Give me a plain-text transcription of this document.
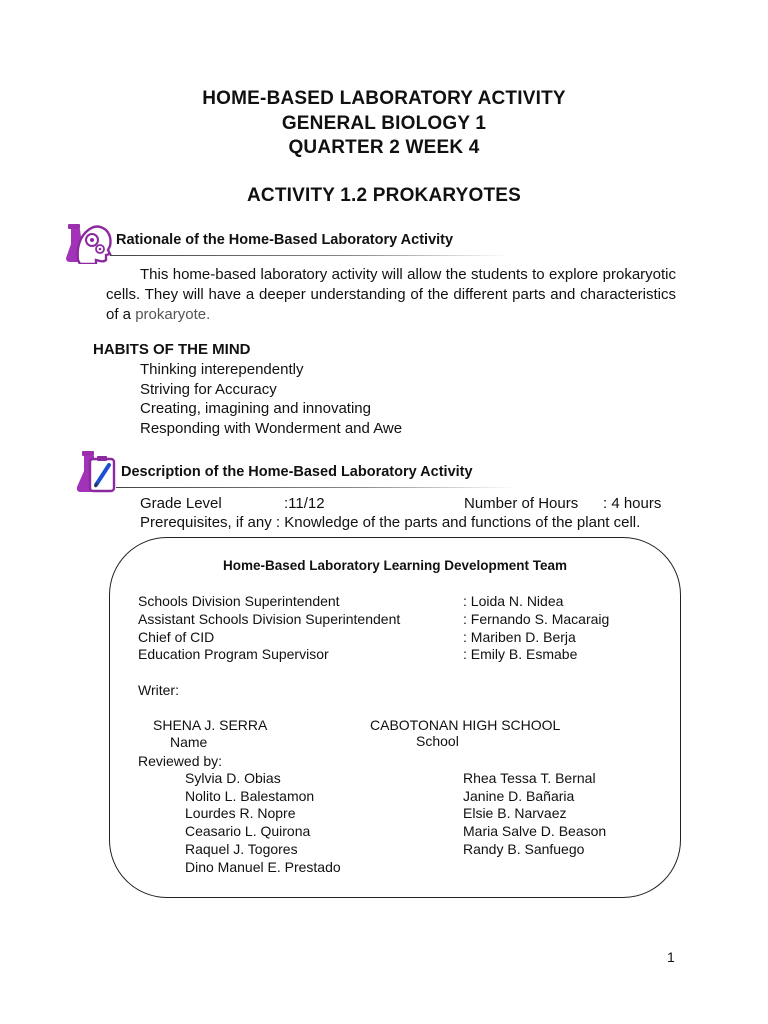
HOME-BASED LABORATORY ACTIVITY
GENERAL BIOLOGY 1
QUARTER 2 WEEK 4
ACTIVITY 1.2 PROKARYOTES
Rationale of the Home-Based Laboratory Activity
This home-based laboratory activity will allow the students to explore prokaryotic cells. They will have a deeper understanding of the different parts and characteristics of a prokaryote.
HABITS OF THE MIND
Thinking interependently
Striving for Accuracy
Creating, imagining and innovating
Responding with Wonderment and Awe
Description of the Home-Based Laboratory Activity
Grade Level	:11/12	Number of Hours : 4 hours
Prerequisites, if any : Knowledge of the parts and functions of the plant cell.
Home-Based Laboratory Learning Development Team
Schools Division Superintendent
Assistant Schools Division Superintendent
Chief of CID
Education Program Supervisor
: Loida N. Nidea
: Fernando S. Macaraig
: Mariben D. Berja
: Emily B. Esmabe
Writer:
SHENA J. SERRA
Name
CABOTONAN HIGH SCHOOL
School
Reviewed by:
Sylvia D. Obias
Nolito L. Balestamon
Lourdes R. Nopre
Ceasario L. Quirona
Raquel J. Togores
Dino Manuel E. Prestado
Rhea Tessa T. Bernal
Janine D. Bañaria
Elsie B. Narvaez
Maria Salve D. Beason
Randy B. Sanfuego
1
